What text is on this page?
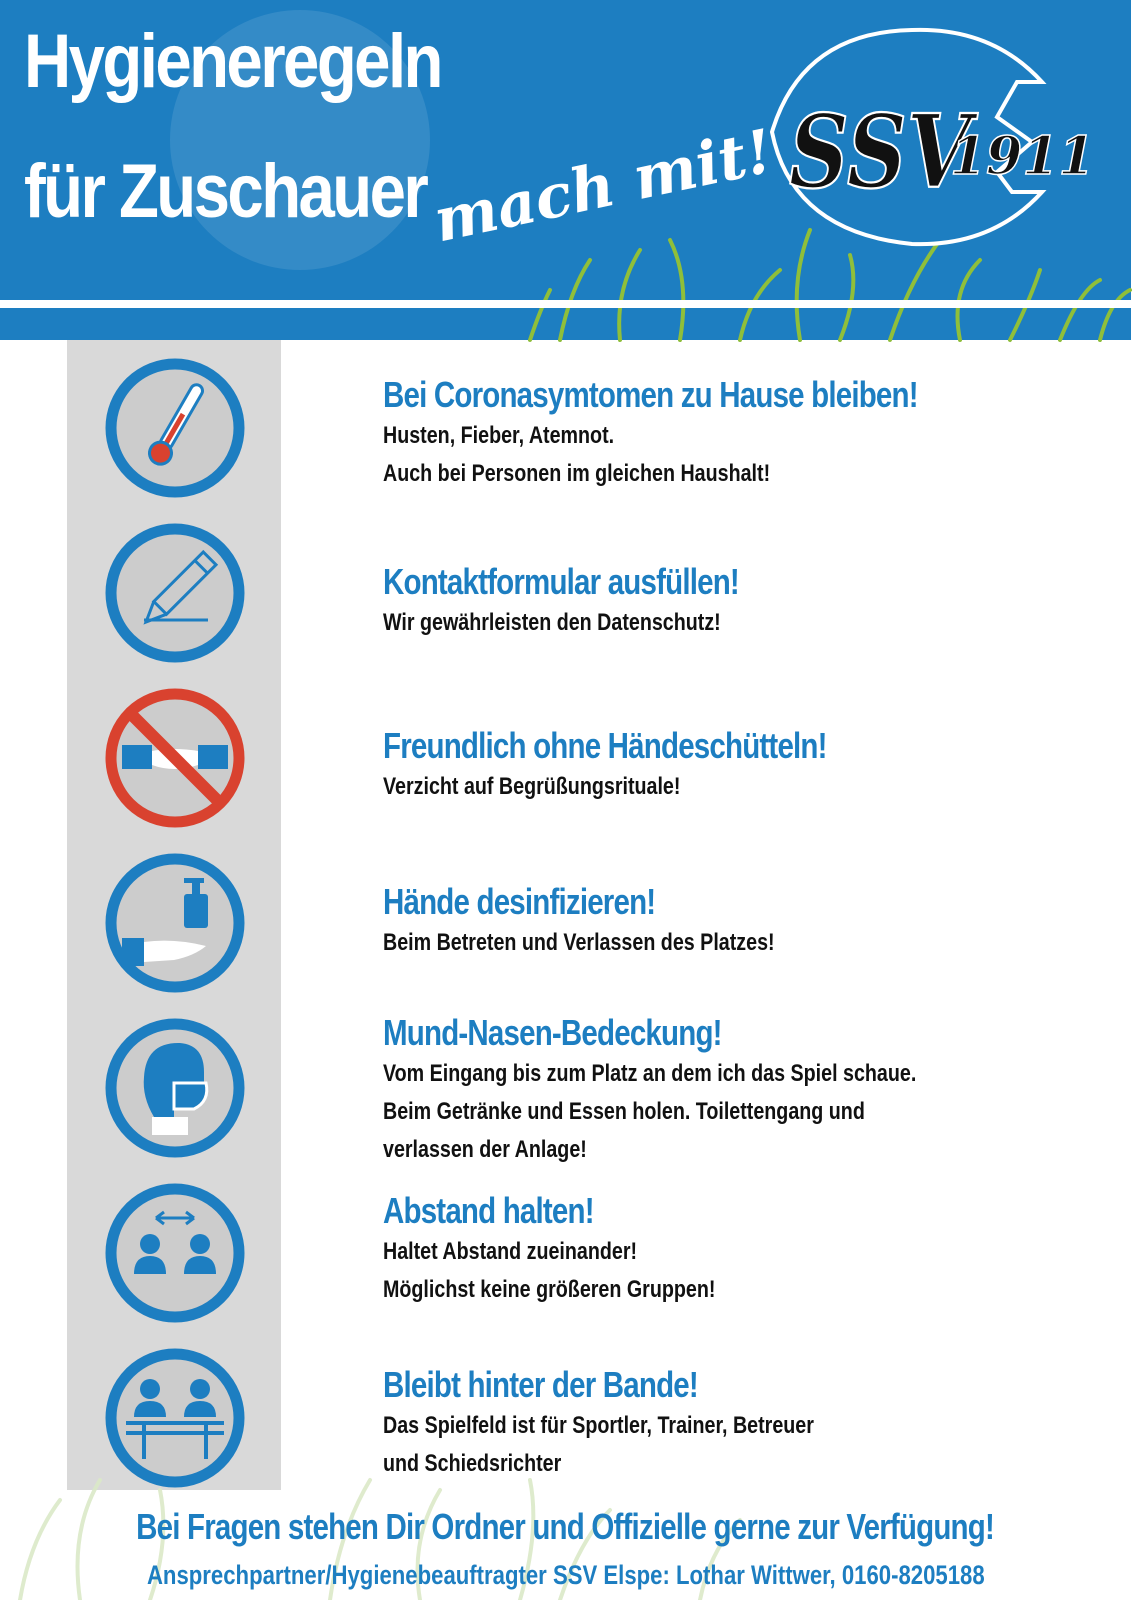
Hygieneregeln
für Zuschauer mach mit! SSV
1911
Bei Coronasymtomen zu Hause bleiben!
Husten, Fieber, Atemnot.
Auch bei Personen im gleichen Haushalt!
Kontaktformular ausfüllen!
Wir gewährleisten den Datenschutz!
Freundlich ohne Händeschütteln!
Verzicht auf Begrüßungsrituale!
Hände desinfizieren!
Beim Betreten und Verlassen des Platzes!
Mund-Nasen-Bedeckung!
Vom Eingang bis zum Platz an dem ich das Spiel schaue.
Beim Getränke und Essen holen. Toilettengang und
verlassen der Anlage!
Abstand halten!
Haltet Abstand zueinander!
Möglichst keine größeren Gruppen!
Bleibt hinter der Bande!
Das Spielfeld ist für Sportler, Trainer, Betreuer
und Schiedsrichter
Bei Fragen stehen Dir Ordner und Offizielle gerne zur Verfügung!
Ansprechpartner/Hygienebeauftragter SSV Elspe: Lothar Wittwer, 0160-8205188
